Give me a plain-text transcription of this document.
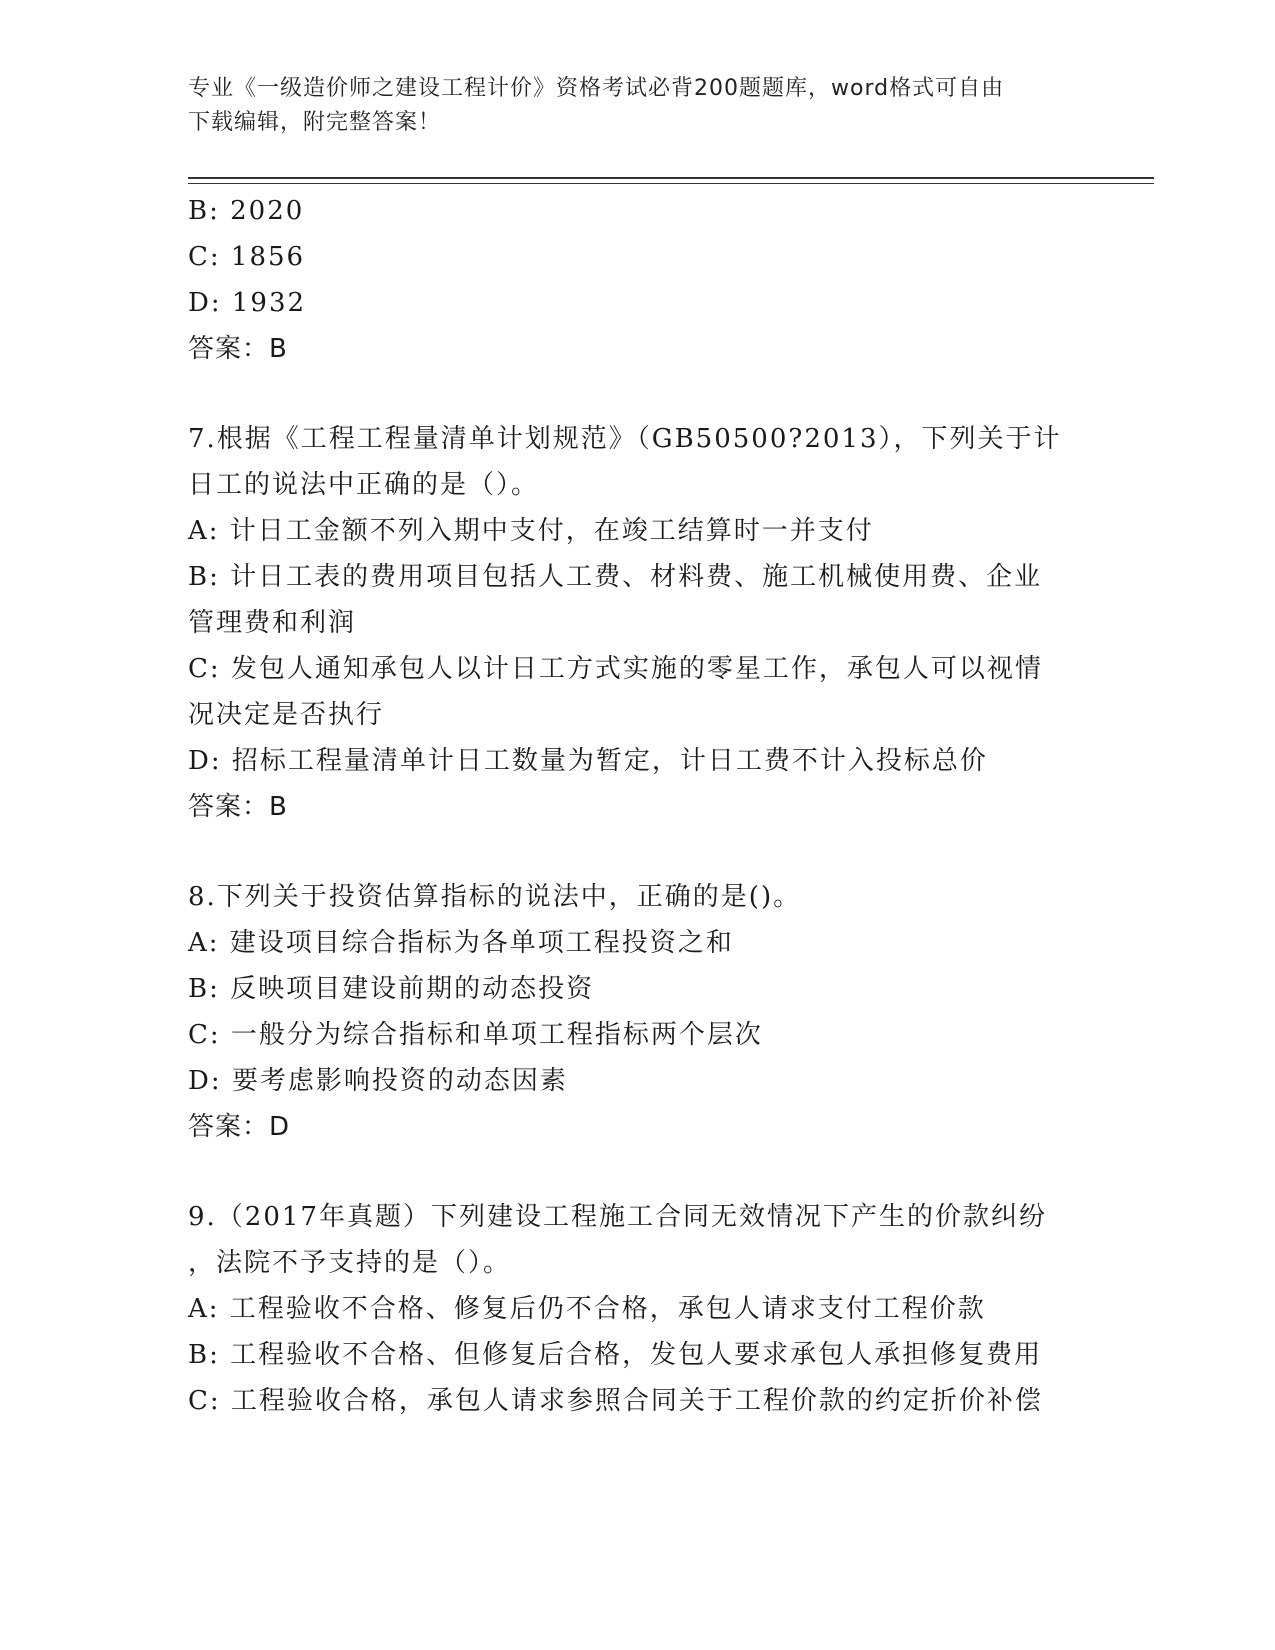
专业《一级造价师之建设工程计价》资格考试必背200题题库，word格式可自由
下载编辑，附完整答案！
B: 2020
C: 1856
D: 1932
答案：B
7.根据《工程工程量清单计划规范》（GB50500?2013），下列关于计
日工的说法中正确的是（）。
A: 计日工金额不列入期中支付，在竣工结算时一并支付
B: 计日工表的费用项目包括人工费、材料费、施工机械使用费、企业
管理费和利润
C: 发包人通知承包人以计日工方式实施的零星工作，承包人可以视情
况决定是否执行
D: 招标工程量清单计日工数量为暂定，计日工费不计入投标总价
答案：B
8.下列关于投资估算指标的说法中，正确的是()。
A: 建设项目综合指标为各单项工程投资之和
B: 反映项目建设前期的动态投资
C: 一般分为综合指标和单项工程指标两个层次
D: 要考虑影响投资的动态因素
答案：D
9.（2017年真题）下列建设工程施工合同无效情况下产生的价款纠纷
，法院不予支持的是（）。
A: 工程验收不合格、修复后仍不合格，承包人请求支付工程价款
B: 工程验收不合格、但修复后合格，发包人要求承包人承担修复费用
C: 工程验收合格，承包人请求参照合同关于工程价款的约定折价补偿
